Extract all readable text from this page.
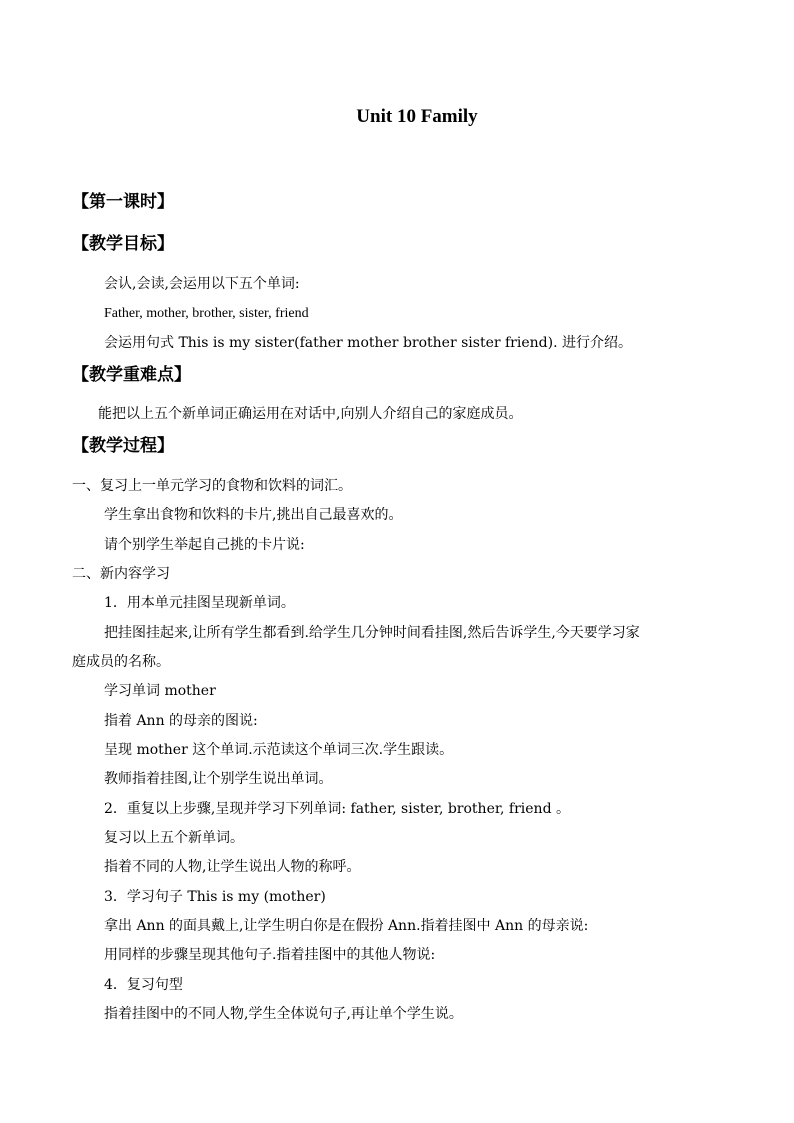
Unit 10 Family
【第一课时】
【教学目标】
会认,会读,会运用以下五个单词:
Father, mother, brother, sister, friend
会运用句式 This is my sister(father mother brother sister friend). 进行介绍。
【教学重难点】
能把以上五个新单词正确运用在对话中,向别人介绍自己的家庭成员。
【教学过程】
一、复习上一单元学习的食物和饮料的词汇。
学生拿出食物和饮料的卡片,挑出自己最喜欢的。
请个别学生举起自己挑的卡片说:
二、新内容学习
1．用本单元挂图呈现新单词。
把挂图挂起来,让所有学生都看到.给学生几分钟时间看挂图,然后告诉学生,今天要学习家
庭成员的名称。
学习单词 mother
指着 Ann 的母亲的图说:
呈现 mother 这个单词.示范读这个单词三次.学生跟读。
教师指着挂图,让个别学生说出单词。
2．重复以上步骤,呈现并学习下列单词: father, sister, brother, friend 。
复习以上五个新单词。
指着不同的人物,让学生说出人物的称呼。
3．学习句子 This is my (mother)
拿出 Ann 的面具戴上,让学生明白你是在假扮 Ann.指着挂图中 Ann 的母亲说:
用同样的步骤呈现其他句子.指着挂图中的其他人物说:
4．复习句型
指着挂图中的不同人物,学生全体说句子,再让单个学生说。
